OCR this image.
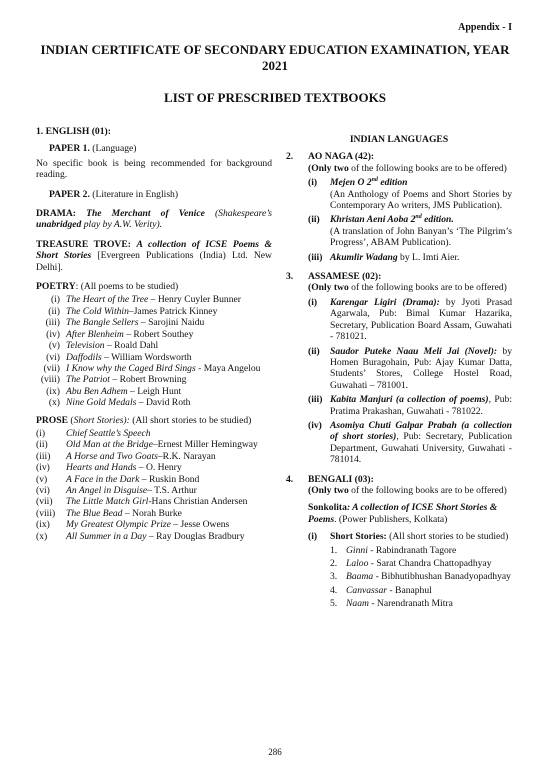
Appendix - I
INDIAN CERTIFICATE OF SECONDARY EDUCATION EXAMINATION, YEAR 2021
LIST OF PRESCRIBED TEXTBOOKS
1. ENGLISH (01):
PAPER 1. (Language)

No specific book is being recommended for background reading.

PAPER 2. (Literature in English)

DRAMA: The Merchant of Venice (Shakespeare’s unabridged play by A.W. Verity).

TREASURE TROVE: A collection of ICSE Poems & Short Stories [Evergreen Publications (India) Ltd. New Delhi].

POETRY: (All poems to be studied)

(i) The Heart of the Tree – Henry Cuyler Bunner
(ii) The Cold Within–James Patrick Kinney
(iii) The Bangle Sellers – Sarojini Naidu
(iv) After Blenheim – Robert Southey
(v) Television – Roald Dahl
(vi) Daffodils – William Wordsworth
(vii) I Know why the Caged Bird Sings - Maya Angelou
(viii) The Patriot – Robert Browning
(ix) Abu Ben Adhem – Leigh Hunt
(x) Nine Gold Medals – David Roth

PROSE (Short Stories): (All short stories to be studied)

(i)	Chief Seattle’s Speech
(ii)	Old Man at the Bridge–Ernest Miller Hemingway
(iii)	A Horse and Two Goats–R.K. Narayan
(iv)	Hearts and Hands – O. Henry
(v)	A Face in the Dark – Ruskin Bond
(vi)	An Angel in Disguise– T.S. Arthur
(vii)	The Little Match Girl-Hans Christian Andersen
(viii)	The Blue Bead – Norah Burke
(ix)	My Greatest Olympic Prize – Jesse Owens
(x)	All Summer in a Day – Ray Douglas Bradbury
INDIAN LANGUAGES
2.	AO NAGA (42):

(Only two of the following books are to be offered)

(i)	Mejen O 2nd edition
(An Anthology of Poems and Short Stories by Contemporary Ao writers, JMS Publication).
(ii)	Khristan Aeni Aoba 2nd edition.
(A translation of John Banyan’s ‘The Pilgrim’s Progress’, ABAM Publication).
(iii) Akumlir Wadang by L. Imti Aier.
3.	ASSAMESE (02):

(Only two of the following books are to be offered)

(i)	Karengar Ligiri (Drama): by Jyoti Prasad Agarwala, Pub: Bimal Kumar Hazarika, Secretary, Publication Board Assam, Guwahati - 781021.
(ii)	Saudor Puteke Naau Meli Jai (Novel): by Homen Buragohain, Pub: Ajay Kumar Datta, Students’ Stores, College Hostel Road, Guwahati – 781001.
(iii) Kabita Manjuri (a collection of poems), Pub: Pratima Prakashan, Guwahati - 781022.
(iv) Asomiya Chuti Galpar Prabah (a collection of short stories), Pub: Secretary, Publication Department, Guwahati University, Guwahati - 781014.
4.	BENGALI (03):

(Only two of the following books are to be offered)

Sonkolita: A collection of ICSE Short Stories & Poems. (Power Publishers, Kolkata)

(i)	Short Stories: (All short stories to be studied)
1. Ginni - Rabindranath Tagore
2. Laloo - Sarat Chandra Chattopadhyay
3. Baama - Bibhutibhushan Banadyopadhyay
4. Canvassar - Banaphul
5. Naam - Narendranath Mitra
286
